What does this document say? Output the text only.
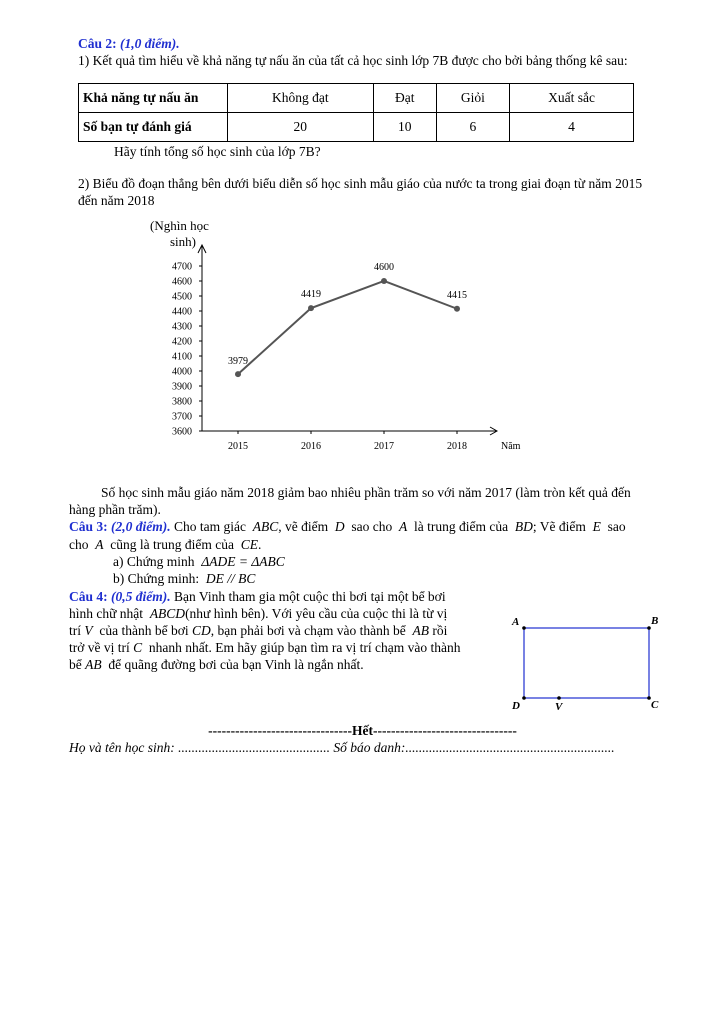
Câu 2: (1,0 điểm).
1) Kết quả tìm hiểu về khả năng tự nấu ăn của tất cả học sinh lớp 7B được cho bởi bảng thống kê sau:
Khả năng tự nấu ăn	Không đạt	Đạt	Giỏi	Xuất sắc
Số bạn tự đánh giá	20	10	6	4
Hãy tính tổng số học sinh của lớp 7B?
2) Biểu đồ đoạn thẳng bên dưới biểu diễn số học sinh mẫu giáo của nước ta trong giai đoạn từ năm 2015
đến năm 2018
3600
3700
3800
3900
4000
4100
4200
4300
4400
4500
4600
4700
2015	2016	2017	2018
(Nghìn học
sinh)
Năm
3979
4419
4600
4415
Số học sinh mẫu giáo năm 2018 giảm bao nhiêu phần trăm so với năm 2017 (làm tròn kết quả đến
hàng phần trăm).
Câu 3: (2,0 điểm). Cho tam giác ABC, vẽ điểm D sao cho A là trung điểm của BD; Vẽ điểm E sao
cho A cũng là trung điểm của CE.
a) Chứng minh ΔADE = ΔABC
b) Chứng minh: DE // BC
Câu 4: (0,5 điểm). Bạn Vinh tham gia một cuộc thi bơi tại một bể bơi
hình chữ nhật ABCD(như hình bên). Với yêu cầu của cuộc thi là từ vị
trí V của thành bể bơi CD, bạn phải bơi và chạm vào thành bể AB rồi
trở về vị trí C nhanh nhất. Em hãy giúp bạn tìm ra vị trí chạm vào thành
bể AB để quãng đường bơi của bạn Vinh là ngắn nhất.
A	B
C
D	V
--------------------------------Hết--------------------------------
Họ và tên học sinh: ............................................. Số báo danh:..............................................................
